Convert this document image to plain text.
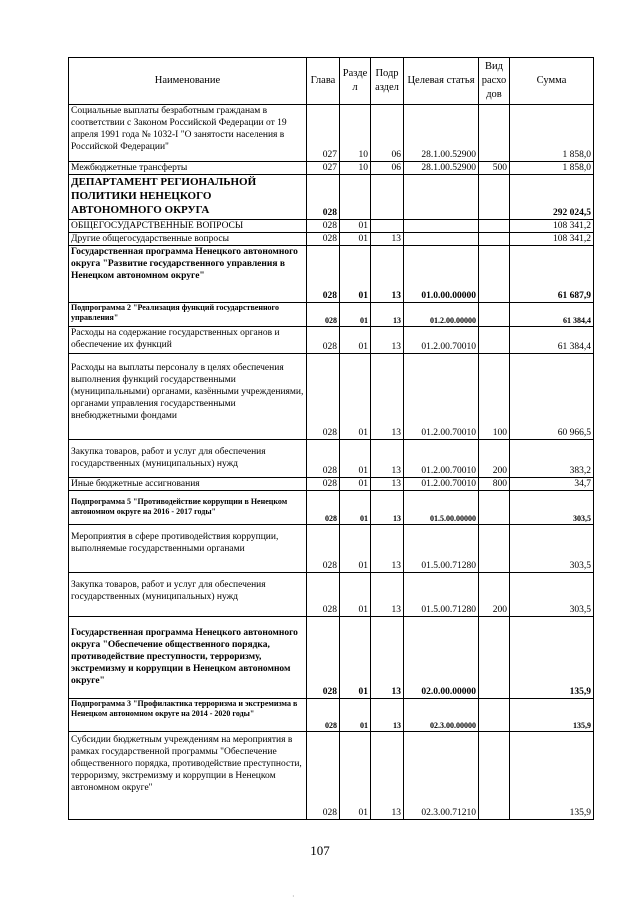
Наименование	Глава	Разде л	Подр аздел	Целевая статья	Вид расхо дов	Сумма
Социальные выплаты безработным гражданам в соответствии с Законом Российской Федерации от 19 апреля 1991 года № 1032-I "О занятости населения в Российской Федерации"	027	10	06	28.1.00.52900		1 858,0
Межбюджетные трансферты	027	10	06	28.1.00.52900	500	1 858,0
ДЕПАРТАМЕНТ РЕГИОНАЛЬНОЙ ПОЛИТИКИ НЕНЕЦКОГО АВТОНОМНОГО ОКРУГА	028					292 024,5
ОБЩЕГОСУДАРСТВЕННЫЕ ВОПРОСЫ	028	01				108 341,2
Другие общегосударственные вопросы	028	01	13			108 341,2
Государственная программа Ненецкого автономного округа "Развитие государственного управления в Ненецком автономном округе"	028	01	13	01.0.00.00000		61 687,9
Подпрограмма 2 "Реализация функций государственного управления"	028	01	13	01.2.00.00000		61 384,4
Расходы на содержание государственных органов и обеспечение их функций	028	01	13	01.2.00.70010		61 384,4
Расходы на выплаты персоналу в целях обеспечения выполнения функций государственными (муниципальными) органами, казёнными учреждениями, органами управления государственными внебюджетными фондами	028	01	13	01.2.00.70010	100	60 966,5
Закупка товаров, работ и услуг для обеспечения государственных (муниципальных) нужд	028	01	13	01.2.00.70010	200	383,2
Иные бюджетные ассигнования	028	01	13	01.2.00.70010	800	34,7
Подпрограмма 5 "Противодействие коррупции в Ненецком автономном округе на 2016 - 2017 годы"	028	01	13	01.5.00.00000		303,5
Мероприятия в сфере противодействия коррупции, выполняемые государственными органами	028	01	13	01.5.00.71280		303,5
Закупка товаров, работ и услуг для обеспечения государственных (муниципальных) нужд	028	01	13	01.5.00.71280	200	303,5
Государственная программа Ненецкого автономного округа "Обеспечение общественного порядка, противодействие преступности, терроризму, экстремизму и коррупции в Ненецком автономном округе"	028	01	13	02.0.00.00000		135,9
Подпрограмма 3 "Профилактика терроризма и экстремизма в Ненецком автономном округе на 2014 - 2020 годы"	028	01	13	02.3.00.00000		135,9
Субсидии бюджетным учреждениям на мероприятия в рамках государственной программы "Обеспечение общественного порядка, противодействие преступности, терроризму, экстремизму и коррупции в Ненецком автономном округе"	028	01	13	02.3.00.71210		135,9
107
·
